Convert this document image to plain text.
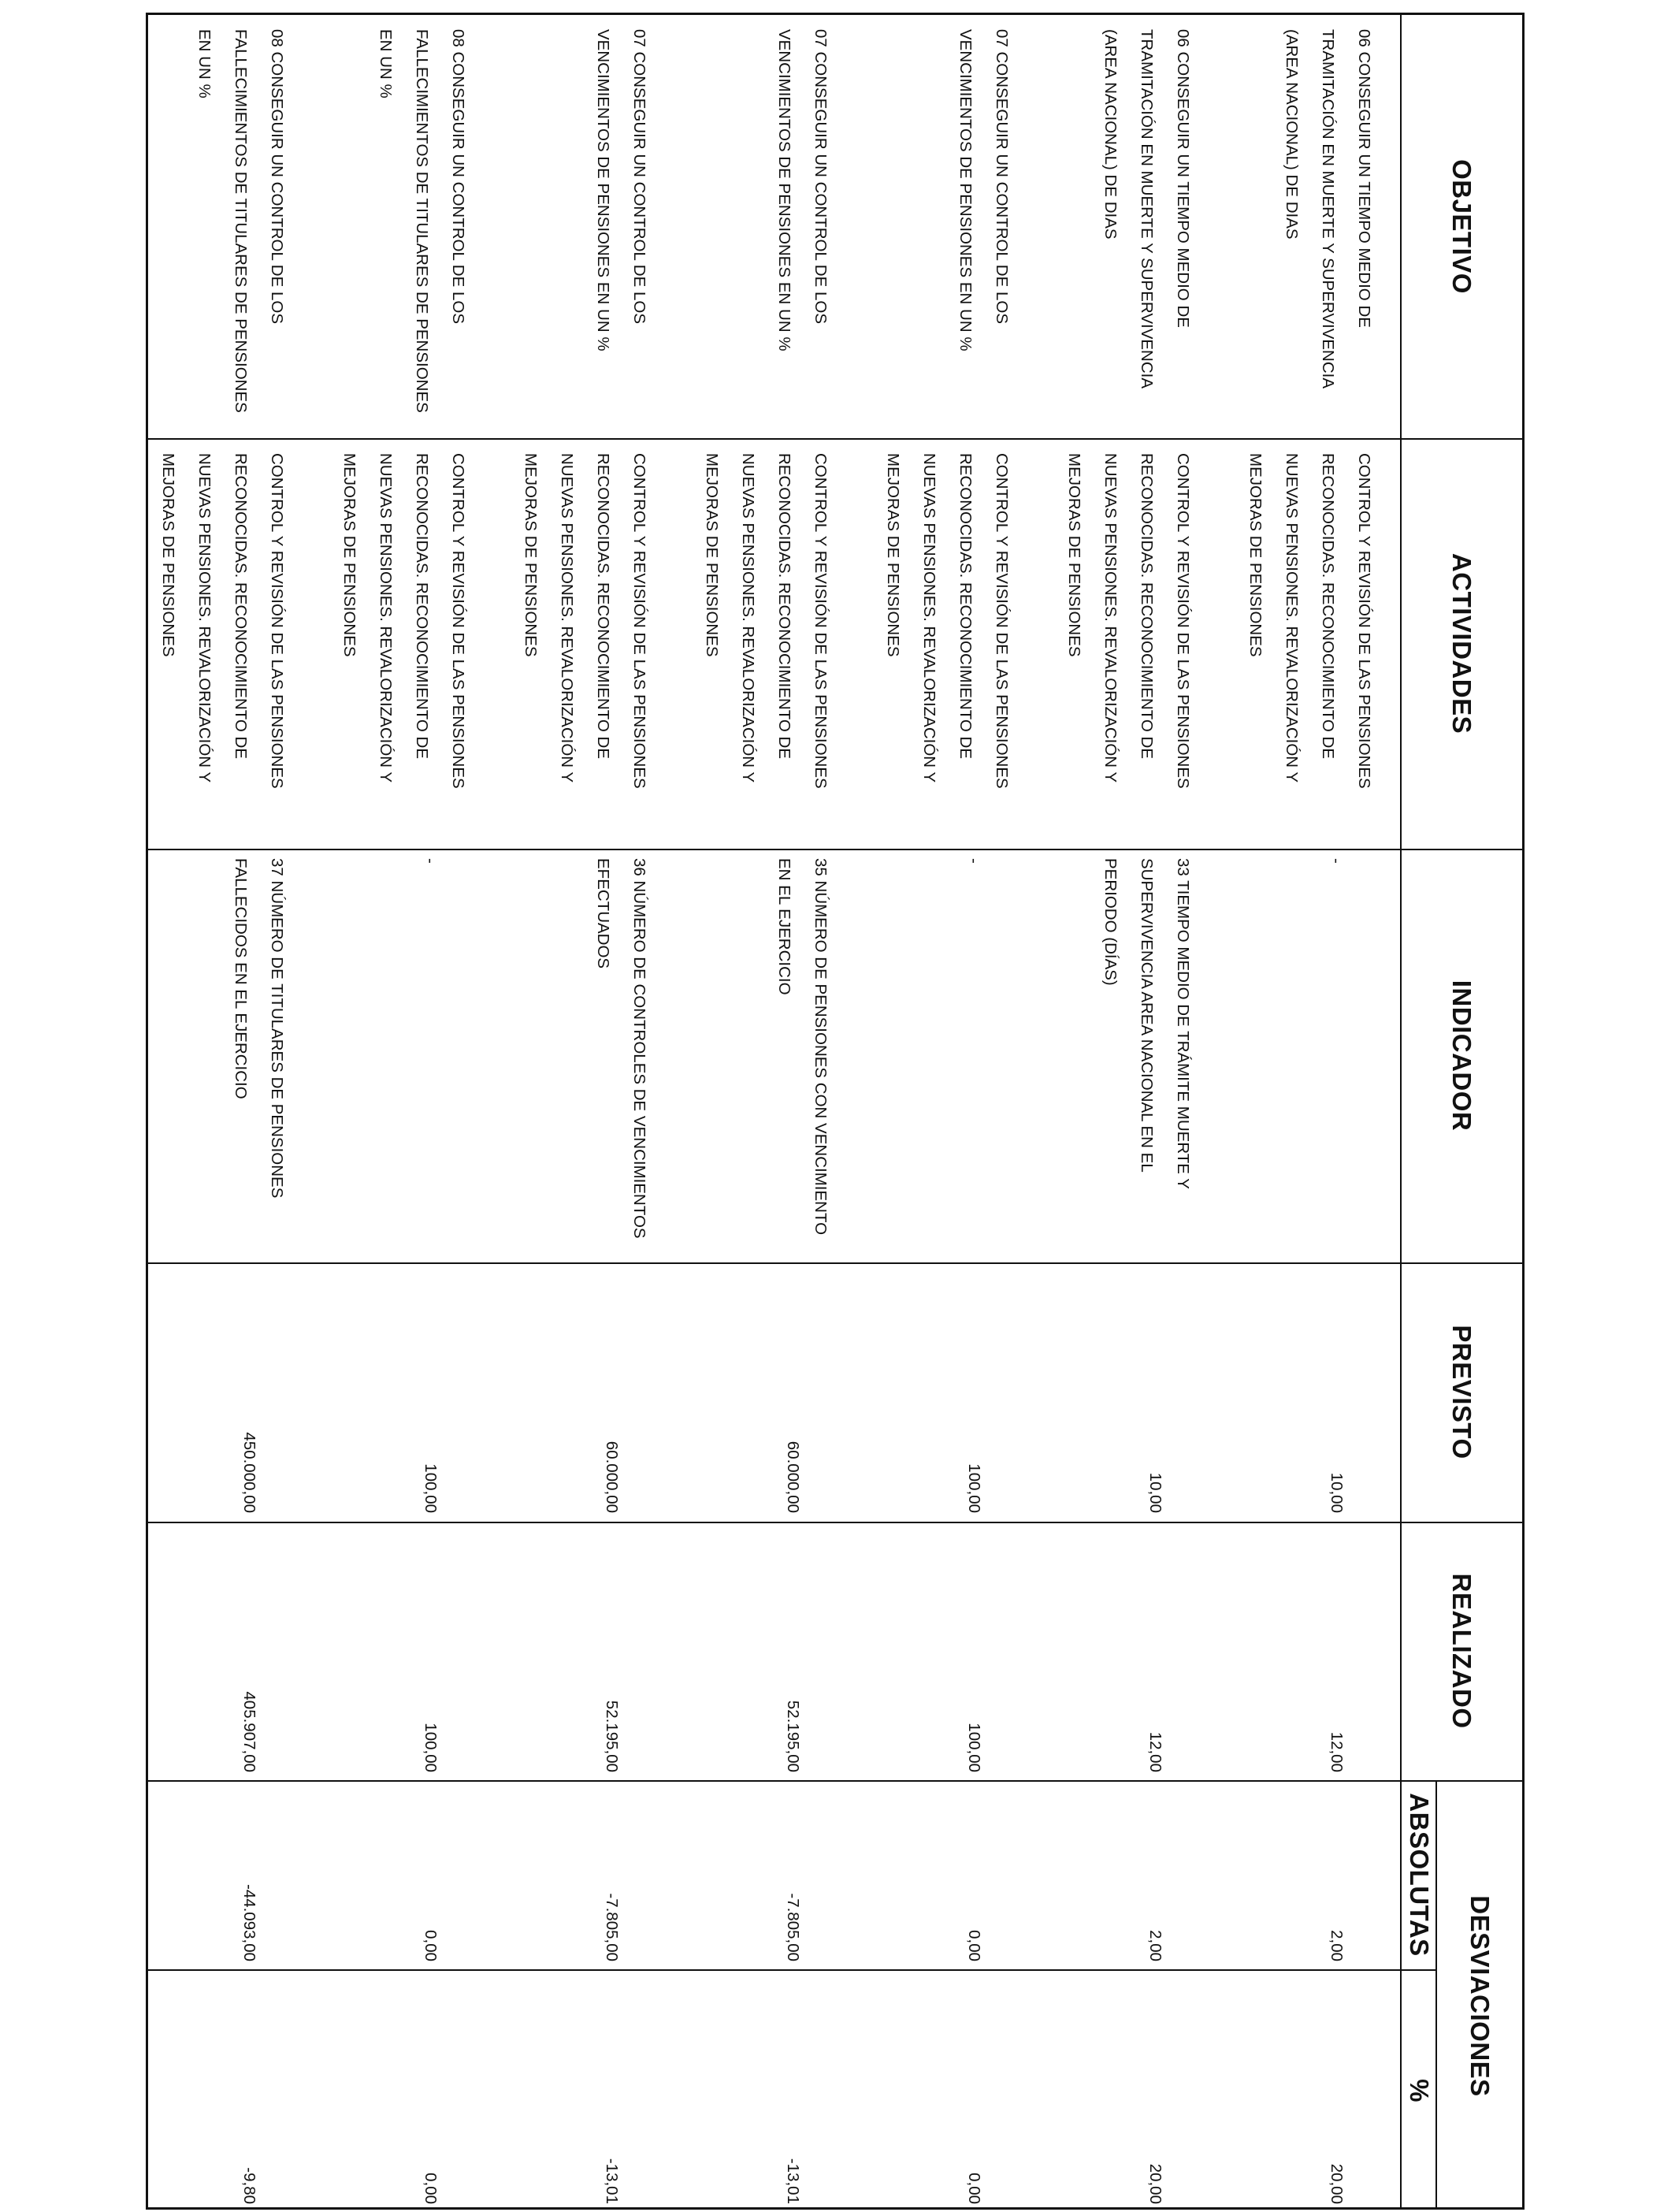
OBJETIVO
ACTIVIDADES
INDICADOR
PREVISTO
REALIZADO
DESVIACIONES
ABSOLUTAS
%
06 CONSEGUIR UN TIEMPO MEDIO DE TRAMITACIÓN EN MUERTE Y SUPERVIVENCIA (AREA NACIONAL) DE DIAS
CONTROL Y REVISIÓN DE LAS PENSIONES RECONOCIDAS. RECONOCIMIENTO DE NUEVAS PENSIONES. REVALORIZACIÓN Y MEJORAS DE PENSIONES
-
10,00
12,00
2,00
20,00
06 CONSEGUIR UN TIEMPO MEDIO DE TRAMITACIÓN EN MUERTE Y SUPERVIVENCIA (AREA NACIONAL) DE DIAS
CONTROL Y REVISIÓN DE LAS PENSIONES RECONOCIDAS. RECONOCIMIENTO DE NUEVAS PENSIONES. REVALORIZACIÓN Y MEJORAS DE PENSIONES
33 TIEMPO MEDIO DE TRÁMITE MUERTE Y SUPERVIVENCIA AREA NACIONAL EN EL PERIODO (DÍAS)
10,00
12,00
2,00
20,00
07 CONSEGUIR UN CONTROL DE LOS VENCIMIENTOS DE PENSIONES EN UN %
CONTROL Y REVISIÓN DE LAS PENSIONES RECONOCIDAS. RECONOCIMIENTO DE NUEVAS PENSIONES. REVALORIZACIÓN Y MEJORAS DE PENSIONES
-
100,00
100,00
0,00
0,00
07 CONSEGUIR UN CONTROL DE LOS VENCIMIENTOS DE PENSIONES EN UN %
CONTROL Y REVISIÓN DE LAS PENSIONES RECONOCIDAS. RECONOCIMIENTO DE NUEVAS PENSIONES. REVALORIZACIÓN Y MEJORAS DE PENSIONES
35 NÚMERO DE PENSIONES CON VENCIMIENTO EN EL EJERCICIO
60.000,00
52.195,00
-7.805,00
-13,01
07 CONSEGUIR UN CONTROL DE LOS VENCIMIENTOS DE PENSIONES EN UN %
CONTROL Y REVISIÓN DE LAS PENSIONES RECONOCIDAS. RECONOCIMIENTO DE NUEVAS PENSIONES. REVALORIZACIÓN Y MEJORAS DE PENSIONES
36 NÚMERO DE CONTROLES DE VENCIMIENTOS EFECTUADOS
60.000,00
52.195,00
-7.805,00
-13,01
08 CONSEGUIR UN CONTROL DE LOS FALLECIMIENTOS DE TITULARES DE PENSIONES EN UN %
CONTROL Y REVISIÓN DE LAS PENSIONES RECONOCIDAS. RECONOCIMIENTO DE NUEVAS PENSIONES. REVALORIZACIÓN Y MEJORAS DE PENSIONES
-
100,00
100,00
0,00
0,00
08 CONSEGUIR UN CONTROL DE LOS FALLECIMIENTOS DE TITULARES DE PENSIONES EN UN %
CONTROL Y REVISIÓN DE LAS PENSIONES RECONOCIDAS. RECONOCIMIENTO DE NUEVAS PENSIONES. REVALORIZACIÓN Y MEJORAS DE PENSIONES
37 NÚMERO DE TITULARES DE PENSIONES FALLECIDOS EN EL EJERCICIO
450.000,00
405.907,00
-44.093,00
-9,80
